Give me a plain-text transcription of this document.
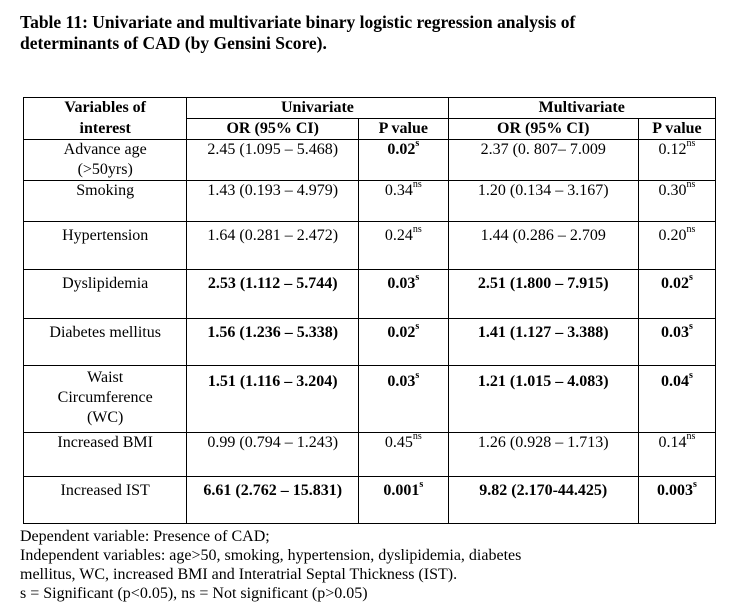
Table 11: Univariate and multivariate binary logistic regression analysis of
determinants of CAD (by Gensini Score).
Variables of	Univariate		Multivariate	
interest	OR (95% CI)	P value	OR (95% CI)	P value
Advance age
(>50yrs)	2.45 (1.095 – 5.468)	0.02$^s$	2.37 (0. 807– 7.009	$0.12^{ns}$
Smoking	1.43 (0.193 – 4.979)	$0.34^{ns}$	1.20 (0.134 – 3.167)	$0.30^{ns}$
Hypertension	1.64 (0.281 – 2.472)	$0.24^{ns}$	1.44 (0.286 – 2.709	$0.20^{ns}$
Dyslipidemia	2.53 (1.112 – 5.744)	0.03$^s$	2.51 (1.800 – 7.915)	0.02$^s$
Diabetes mellitus	1.56 (1.236 – 5.338)	0.02$^s$	1.41 (1.127 – 3.388)	0.03$^s$
Waist
Circumference
(WC)	1.51 (1.116 – 3.204)	0.03$^s$	1.21 (1.015 – 4.083)	0.04$^s$
Increased BMI	0.99 (0.794 – 1.243)	$0.45^{ns}$	1.26 (0.928 – 1.713)	$0.14^{ns}$
Increased IST	6.61 (2.762 – 15.831)	0.001$^s$	9.82 (2.170-44.425)	0.003$^s$
Dependent variable: Presence of CAD;
Independent variables: age>50, smoking, hypertension, dyslipidemia, diabetes
mellitus, WC, increased BMI and Interatrial Septal Thickness (IST).
s = Significant (p<0.05), ns = Not significant (p>0.05)
